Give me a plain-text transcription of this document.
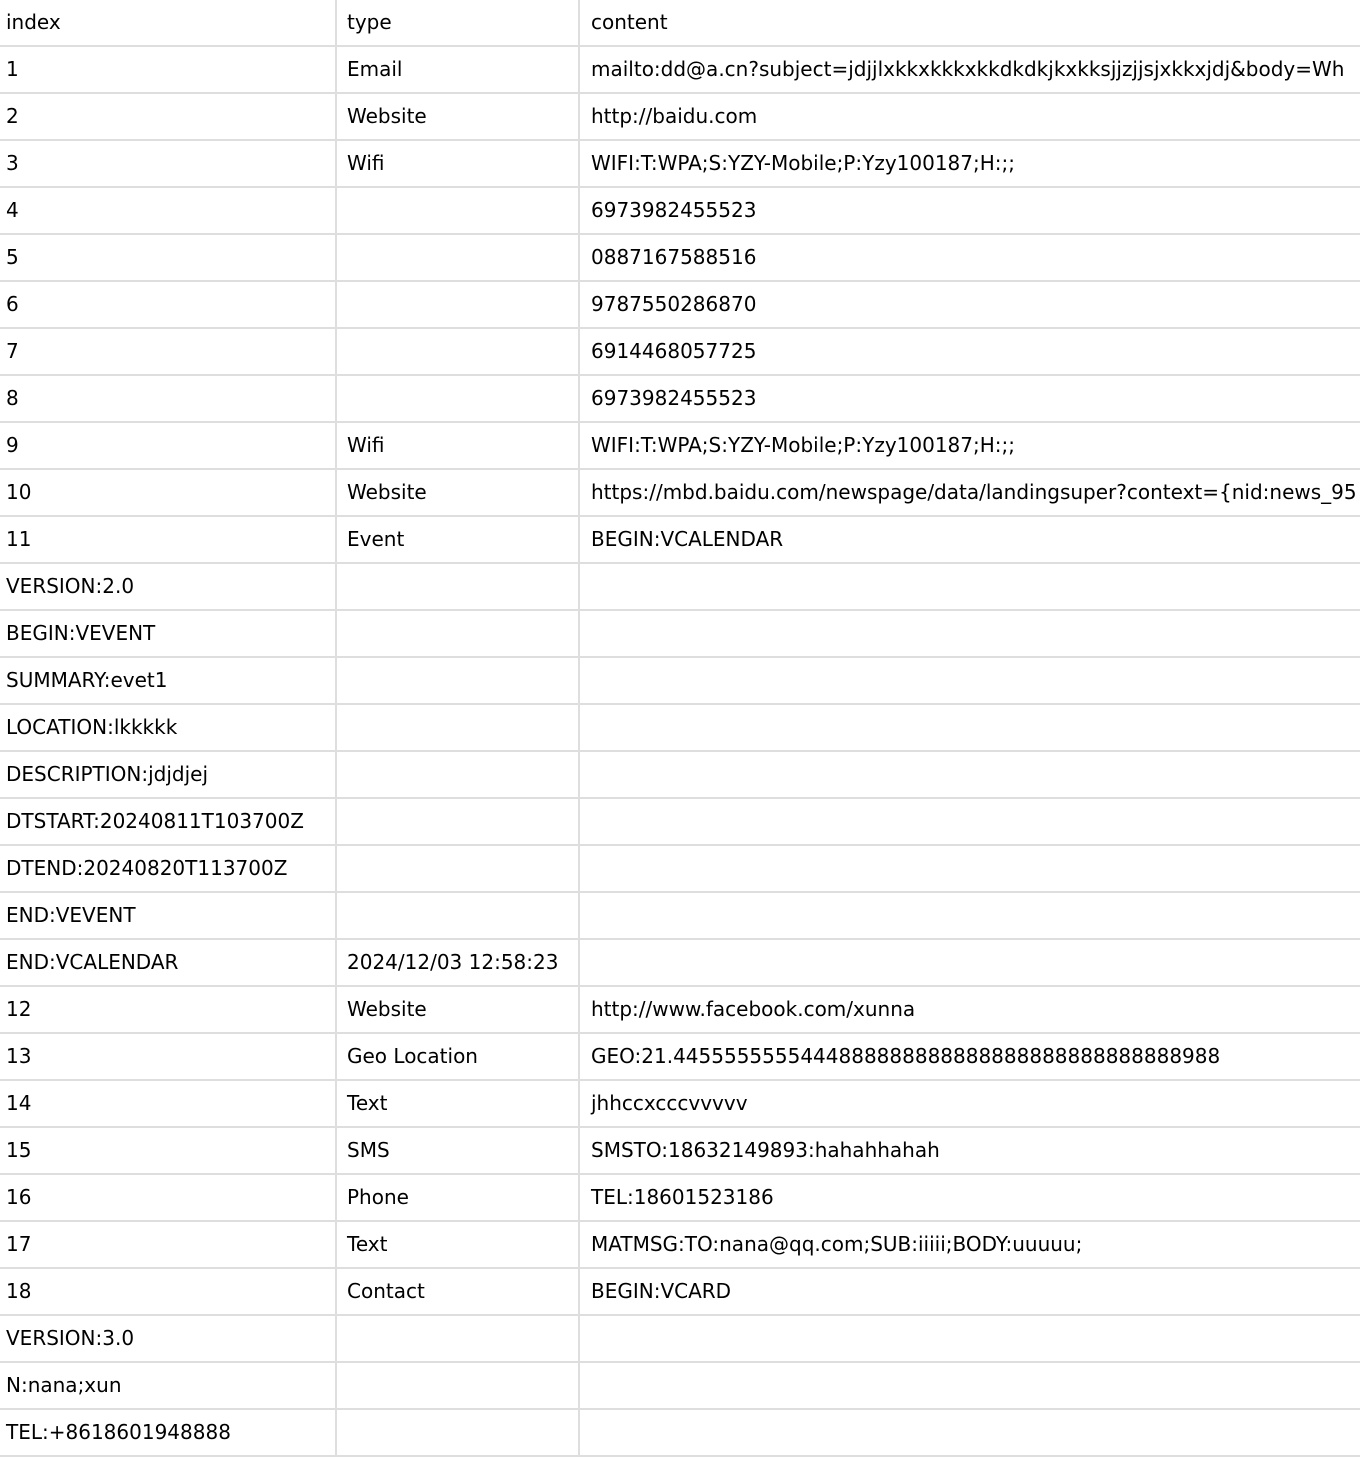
index	type	content
1	Email	mailto:dd@a.cn?subject=jdjjlxkkxkkkxkkdkdkjkxkksjjzjjsjxkkxjdj&body=Wh
2	Website	http://baidu.com
3	Wifi	WIFI:T:WPA;S:YZY-Mobile;P:Yzy100187;H:;;
4		6973982455523
5		0887167588516
6		9787550286870
7		6914468057725
8		6973982455523
9	Wifi	WIFI:T:WPA;S:YZY-Mobile;P:Yzy100187;H:;;
10	Website	https://mbd.baidu.com/newspage/data/landingsuper?context={nid:news_95
11	Event	BEGIN:VCALENDAR
VERSION:2.0		
BEGIN:VEVENT		
SUMMARY:evet1		
LOCATION:lkkkkk		
DESCRIPTION:jdjdjej		
DTSTART:20240811T103700Z		
DTEND:20240820T113700Z		
END:VEVENT		
END:VCALENDAR	2024/12/03 12:58:23	
12	Website	http://www.facebook.com/xunna
13	Geo Location	GEO:21.4455555555444888888888888888888888888888988
14	Text	jhhccxcccvvvvv
15	SMS	SMSTO:18632149893:hahahhahah
16	Phone	TEL:18601523186
17	Text	MATMSG:TO:nana@qq.com;SUB:iiiii;BODY:uuuuu;
18	Contact	BEGIN:VCARD
VERSION:3.0		
N:nana;xun		
TEL:+8618601948888		
